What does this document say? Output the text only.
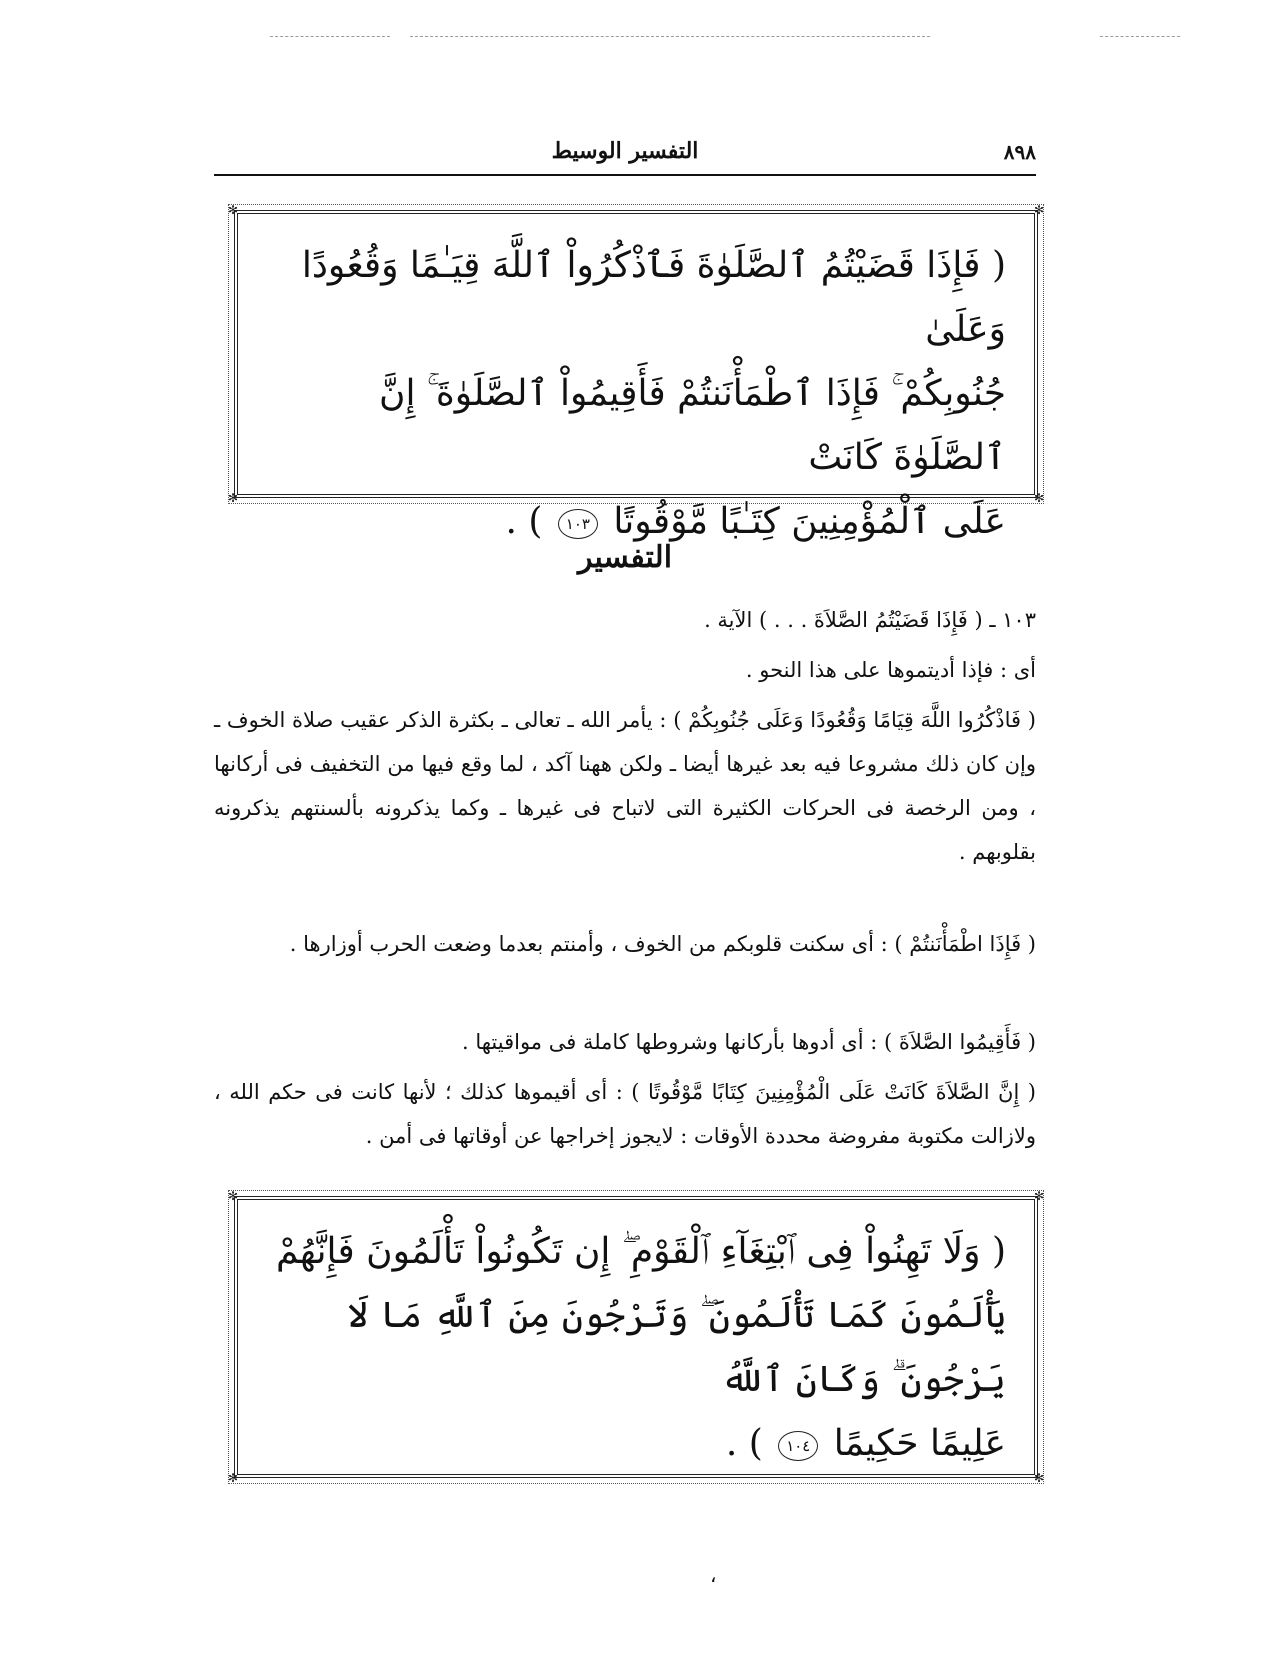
٨٩٨
التفسير الوسيط
✻	✻
✻	✻
( فَإِذَا قَضَيْتُمُ ٱلصَّلَوٰةَ فَٱذْكُرُواْ ٱللَّهَ قِيَـٰمًا وَقُعُودًا وَعَلَىٰ
جُنُوبِكُمْ ۚ فَإِذَا ٱطْمَأْنَنتُمْ فَأَقِيمُواْ ٱلصَّلَوٰةَ ۚ إِنَّ ٱلصَّلَوٰةَ كَانَتْ
عَلَى ٱلْمُؤْمِنِينَ كِتَـٰبًا مَّوْقُوتًا ١٠٣ ) .
التفسير

١٠٣ ـ ( فَإِذَا قَضَيْتُمُ الصَّلاَةَ . . . ) الآية .

أى : فإذا أديتموها على هذا النحو .

( فَاذْكُرُوا اللَّهَ قِيَامًا وَقُعُودًا وَعَلَى جُنُوبِكُمْ ) : يأمر الله ـ تعالى ـ بكثرة الذكر عقيب صلاة الخوف ـ وإن كان ذلك مشروعا فيه بعد غيرها أيضا ـ ولكن ههنا آكد ، لما وقع فيها من التخفيف فى أركانها ، ومن الرخصة فى الحركات الكثيرة التى لاتباح فى غيرها ـ وكما يذكرونه بألسنتهم يذكرونه بقلوبهم .

( فَإِذَا اطْمَأْنَنتُمْ ) : أى سكنت قلوبكم من الخوف ، وأمنتم بعدما وضعت الحرب أوزارها .

( فَأَقِيمُوا الصَّلاَةَ ) : أى أدوها بأركانها وشروطها كاملة فى مواقيتها .

( إِنَّ الصَّلاَةَ كَانَتْ عَلَى الْمُؤْمِنِينَ كِتَابًا مَّوْقُوتًا ) : أى أقيموها كذلك ؛ لأنها كانت فى حكم الله ، ولازالت مكتوبة مفروضة محددة الأوقات : لايجوز إخراجها عن أوقاتها فى أمن .

✻	✻
✻	✻
( وَلَا تَهِنُواْ فِى ٱبْتِغَآءِ ٱلْقَوْمِ ۖ إِن تَكُونُواْ تَأْلَمُونَ فَإِنَّهُمْ
يَأْلَمُونَ كَمَا تَأْلَمُونَ ۖ وَتَرْجُونَ مِنَ ٱللَّهِ مَا لَا يَرْجُونَ ۗ وَكَانَ ٱللَّهُ
عَلِيمًا حَكِيمًا ١٠٤ ) .
،
